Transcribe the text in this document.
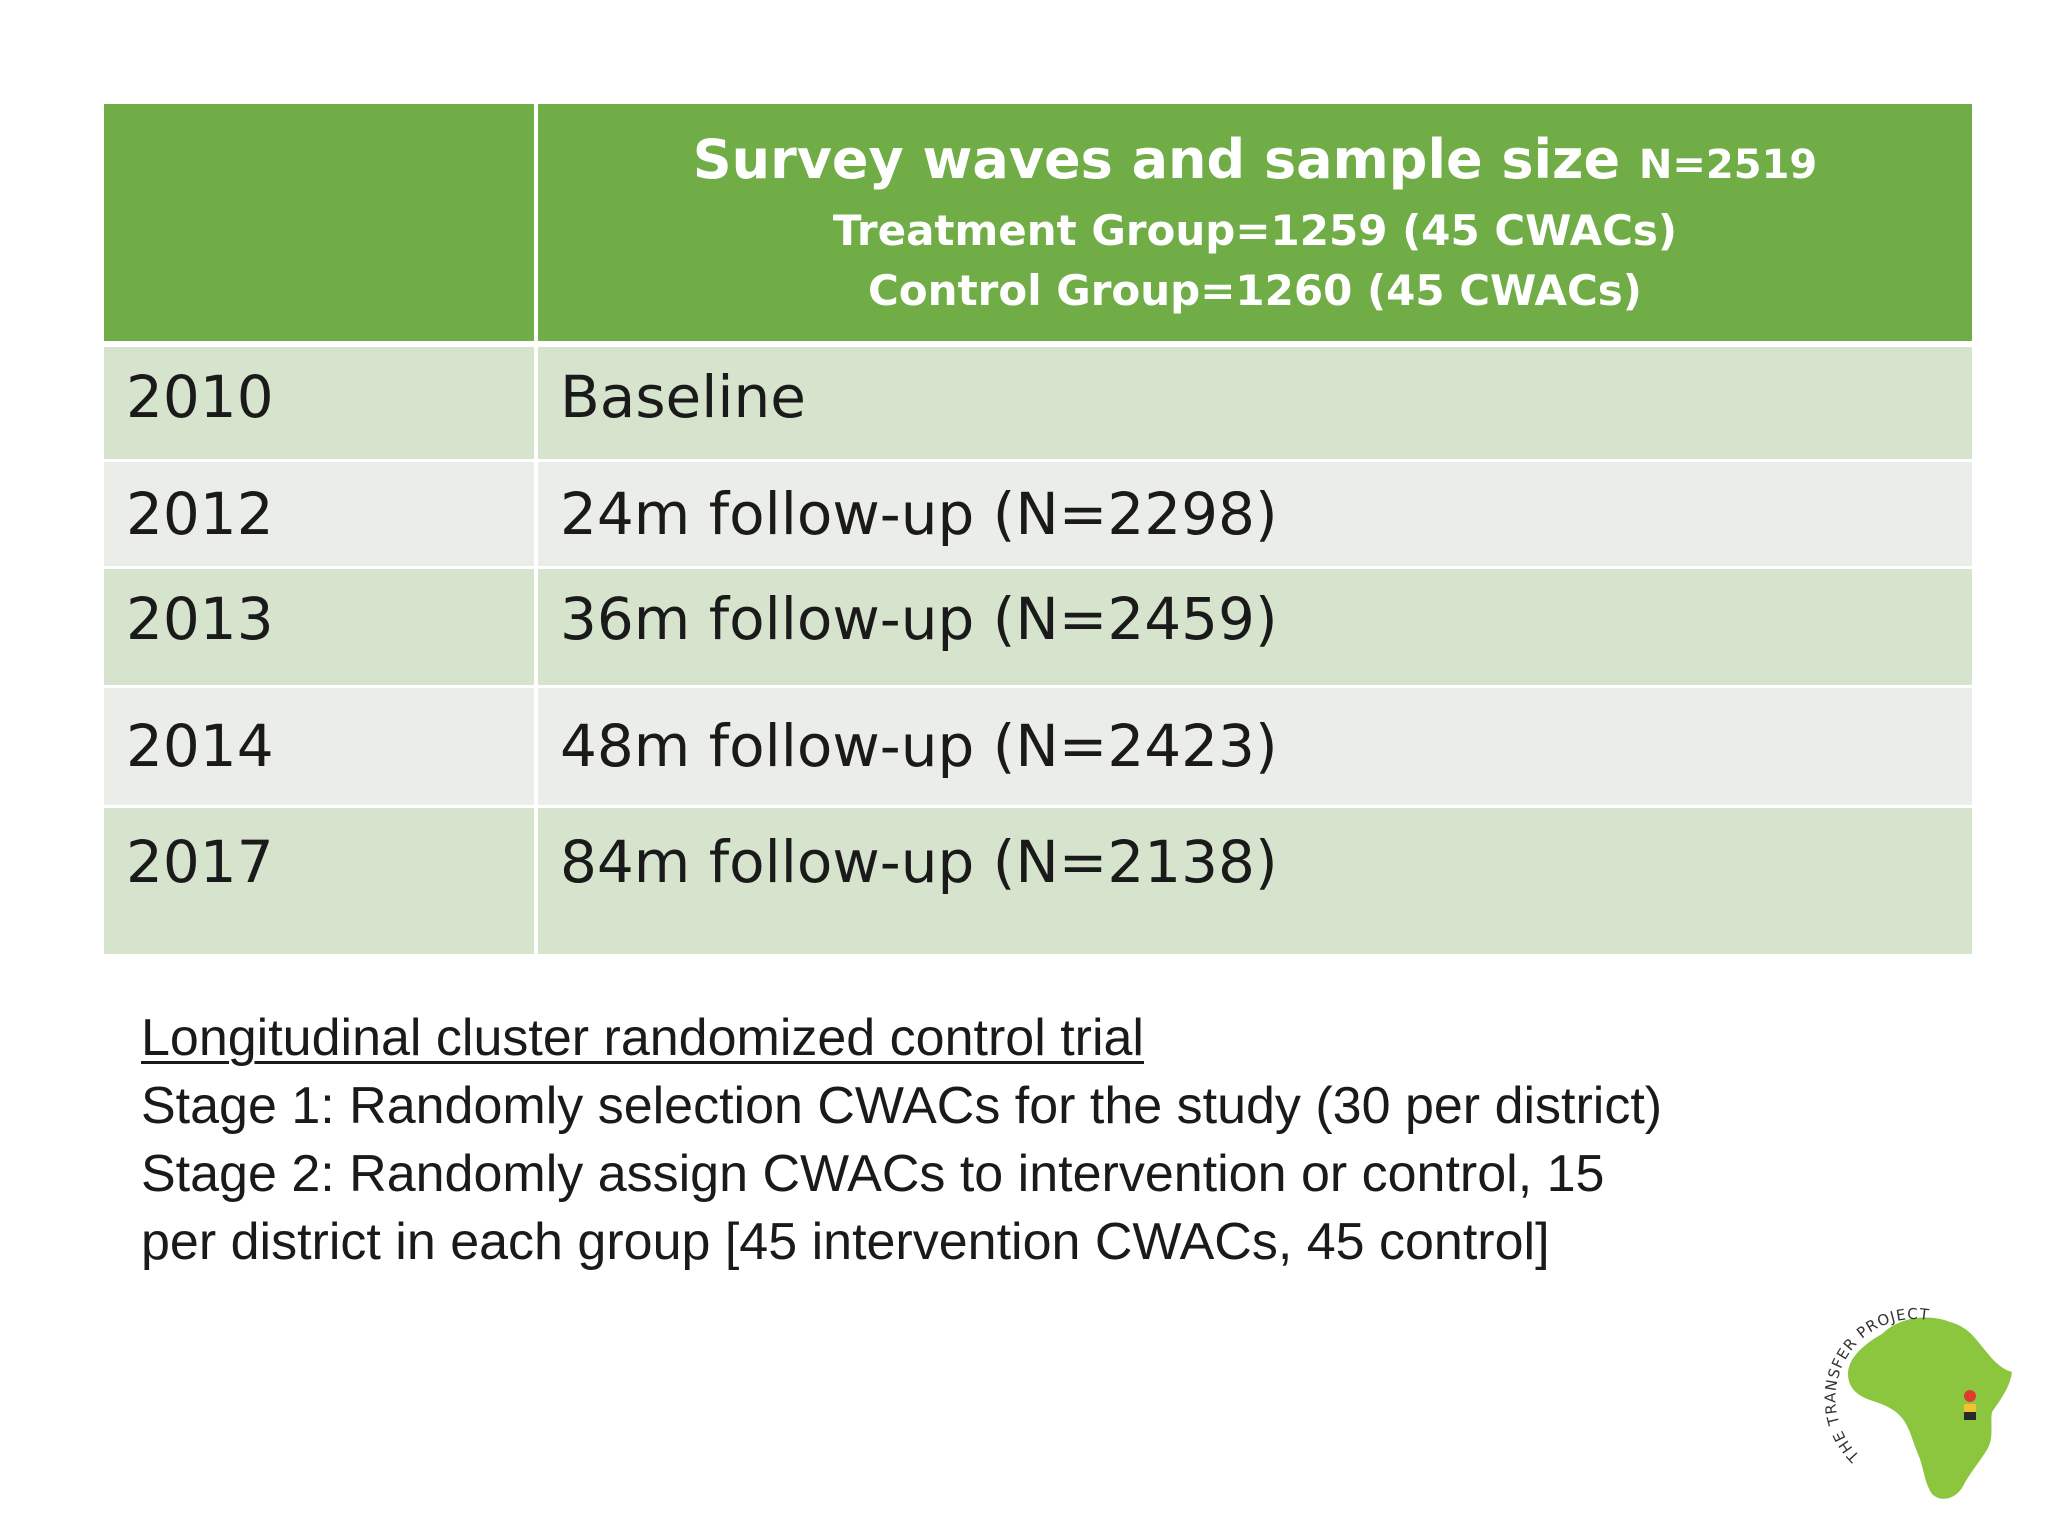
	Survey waves and sample size N=2519
Treatment Group=1259 (45 CWACs)
Control Group=1260 (45 CWACs)

2010	Baseline

2012	24m follow-up (N=2298)

2013	36m follow-up (N=2459)

2014	48m follow-up (N=2423)

2017	84m follow-up (N=2138)
Longitudinal cluster randomized control trial
Stage 1: Randomly selection CWACs for the study (30 per district)
Stage 2: Randomly assign CWACs to intervention or control, 15
per district in each group [45 intervention CWACs, 45 control]
THE TRANSFER PROJECT
